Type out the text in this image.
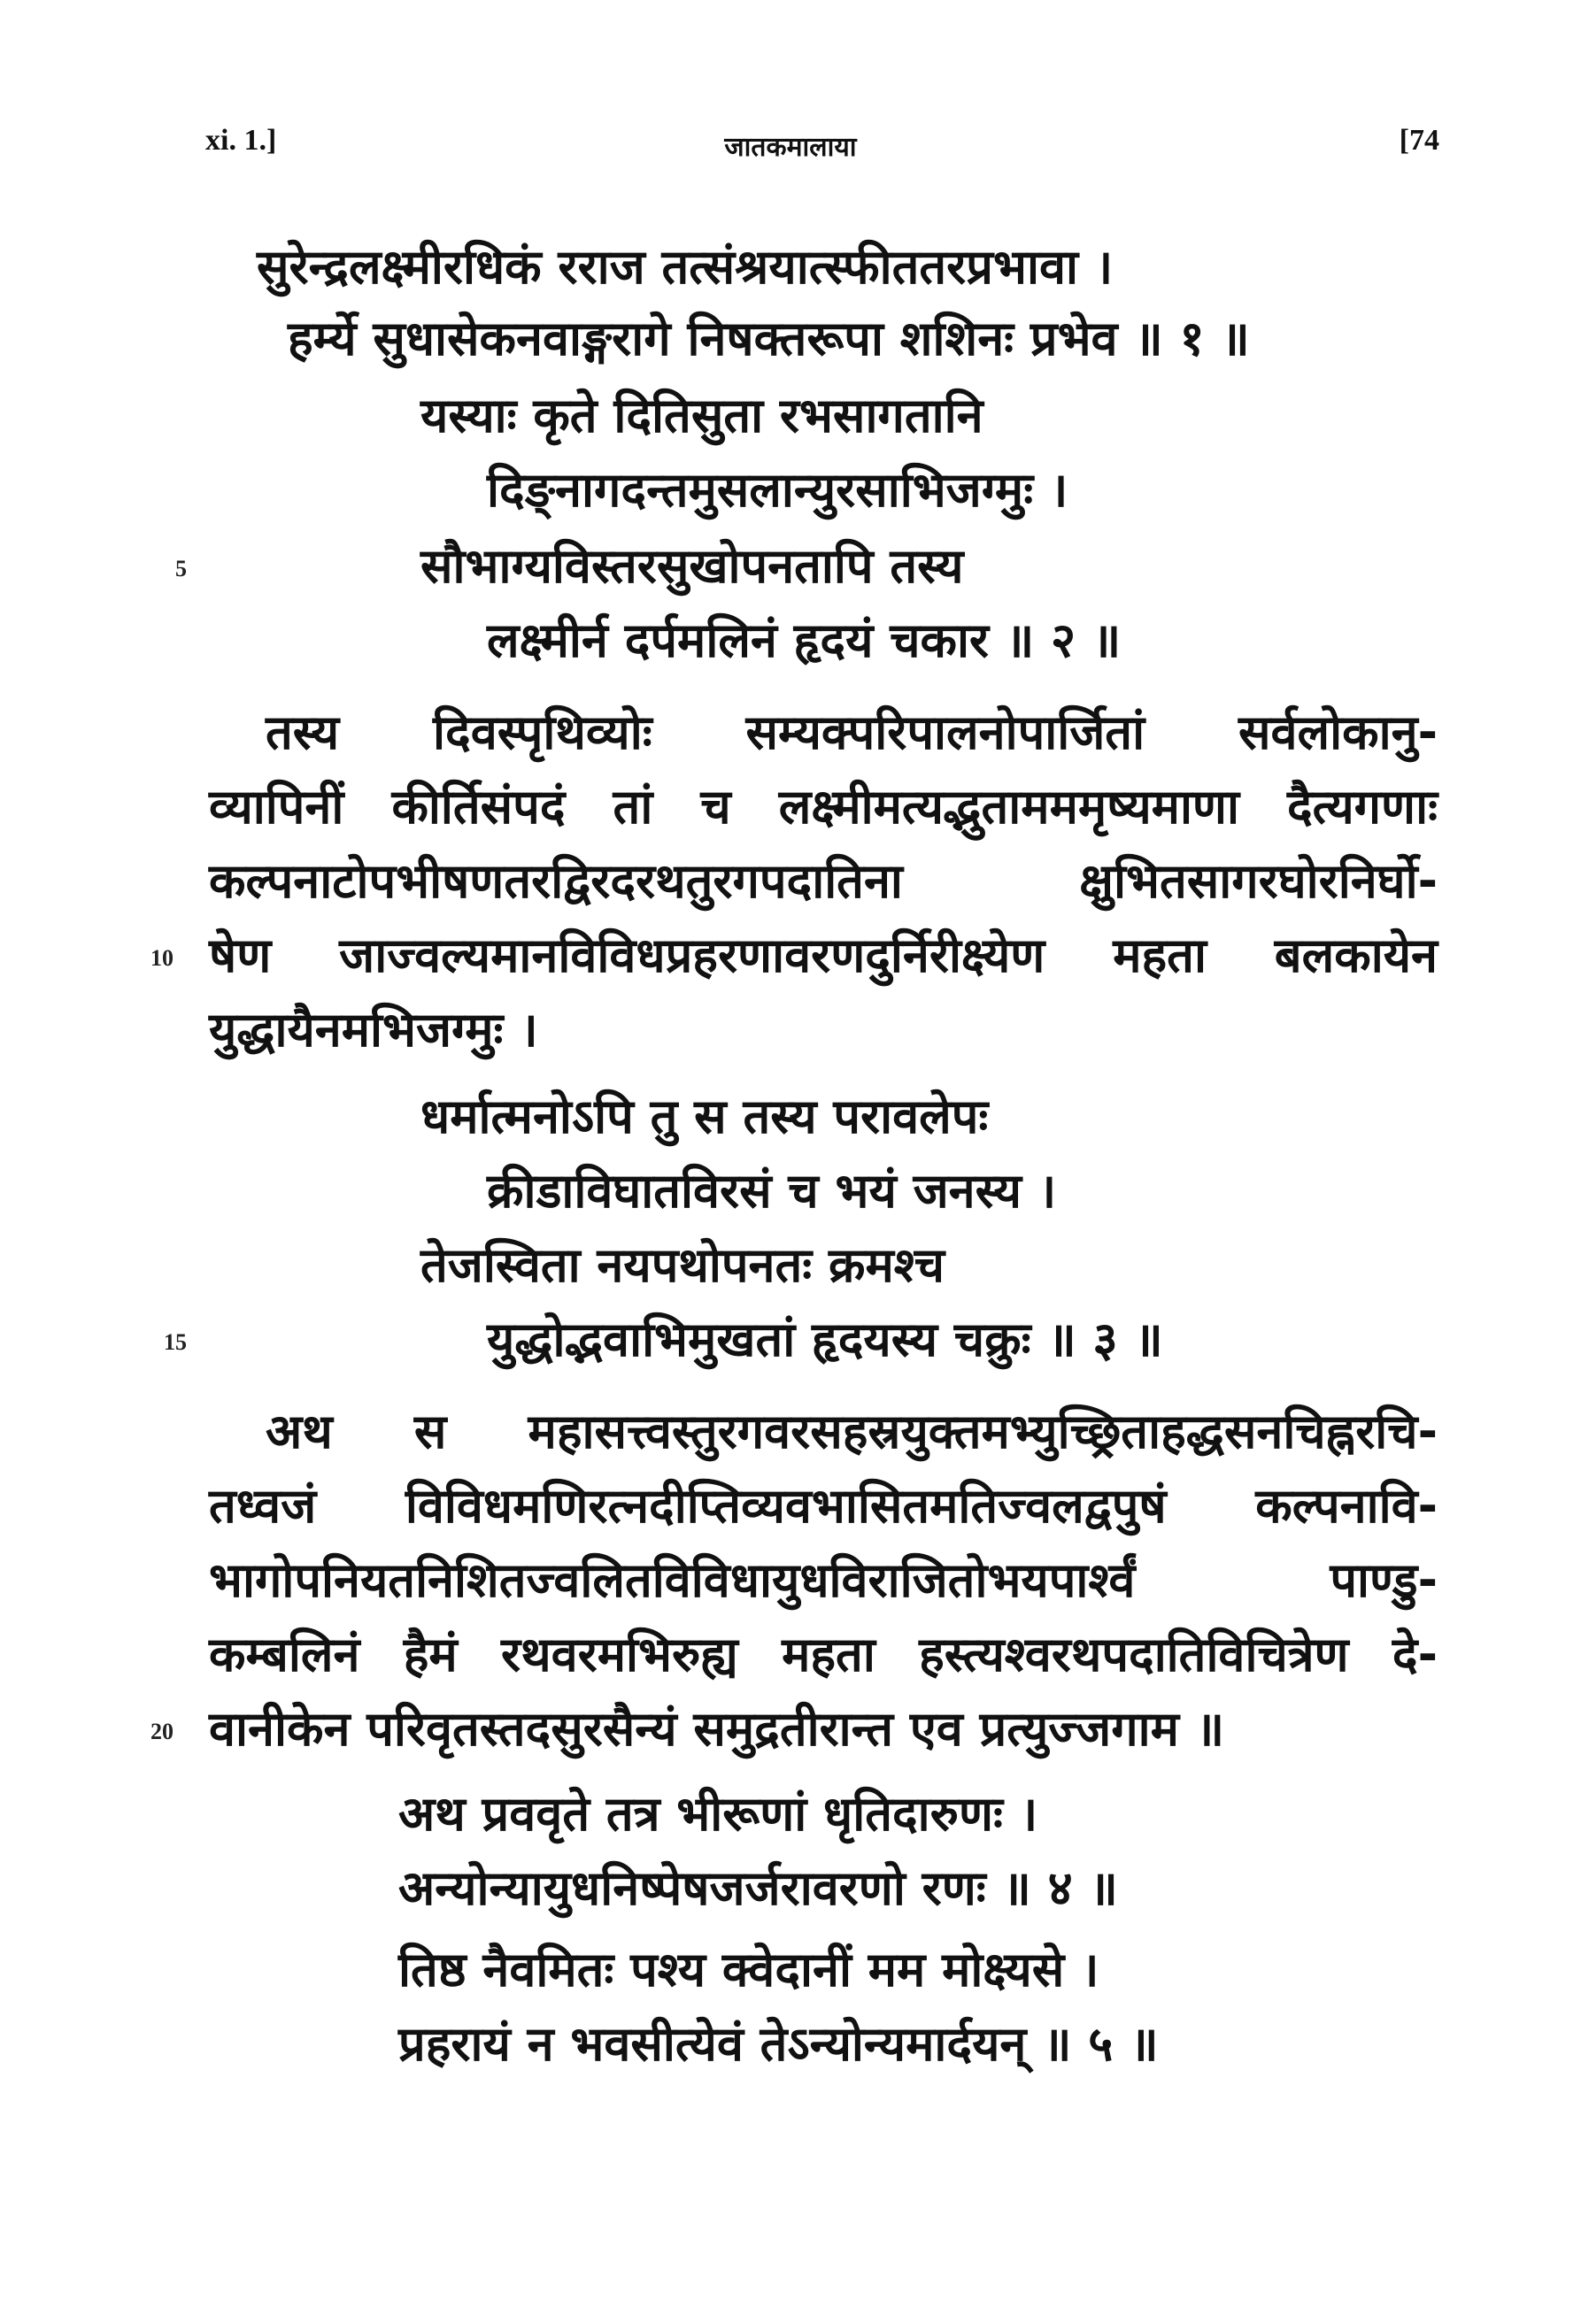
xi. 1.]	जातकमालाया	[74
सुरेन्द्रलक्ष्मीरधिकं रराज तत्संश्रयात्स्फीततरप्रभावा ।
हर्म्ये सुधासेकनवाङ्गरागे निषक्तरूपा शशिनः प्रभेव ॥ १ ॥
यस्याः कृते दितिसुता रभसागतानि
दिङ्नागदन्तमुसलान्युरसाभिजग्मुः ।
5	सौभाग्यविस्तरसुखोपनतापि तस्य
लक्ष्मीर्न दर्पमलिनं हृदयं चकार ॥ २ ॥
तस्य दिवस्पृथिव्योः सम्यक्परिपालनोपार्जितां सर्वलोकानु-
व्यापिनीं कीर्तिसंपदं तां च लक्ष्मीमत्यद्भुतामममृष्यमाणा दैत्यगणाः
कल्पनाटोपभीषणतरद्विरदरथतुरगपदातिना क्षुभितसागरघोरनिर्घो-
10 षेण जाज्वल्यमानविविधप्रहरणावरणदुर्निरीक्ष्येण महता बलकायेन
युद्धायैनमभिजग्मुः ।
धर्मात्मनोऽपि तु स तस्य परावलेपः
क्रीडाविघातविरसं च भयं जनस्य ।
तेजस्विता नयपथोपनतः क्रमश्च
15	युद्धोद्भवाभिमुखतां हृदयस्य चक्रुः ॥ ३ ॥
अथ स महासत्त्वस्तुरगवरसहस्रयुक्तमभ्युच्छ्रिताहद्धसनचिह्नरचि-
तध्वजं विविधमणिरत्नदीप्तिव्यवभासितमतिज्वलद्वपुषं कल्पनावि-
भागोपनियतनिशितज्वलितविविधायुधविराजितोभयपार्श्वं पाण्डु-
कम्बलिनं हैमं रथवरमभिरुह्य महता हस्त्यश्वरथपदातिविचित्रेण दे-
20 वानीकेन परिवृतस्तदसुरसैन्यं समुद्रतीरान्त एव प्रत्युज्जगाम ॥
अथ प्रववृते तत्र भीरूणां धृतिदारुणः ।
अन्योन्यायुधनिष्पेषजर्जरावरणो रणः ॥ ४ ॥
तिष्ठ नैवमितः पश्य क्वेदानीं मम मोक्ष्यसे ।
प्रहरायं न भवसीत्येवं तेऽन्योन्यमार्दयन् ॥ ५ ॥
